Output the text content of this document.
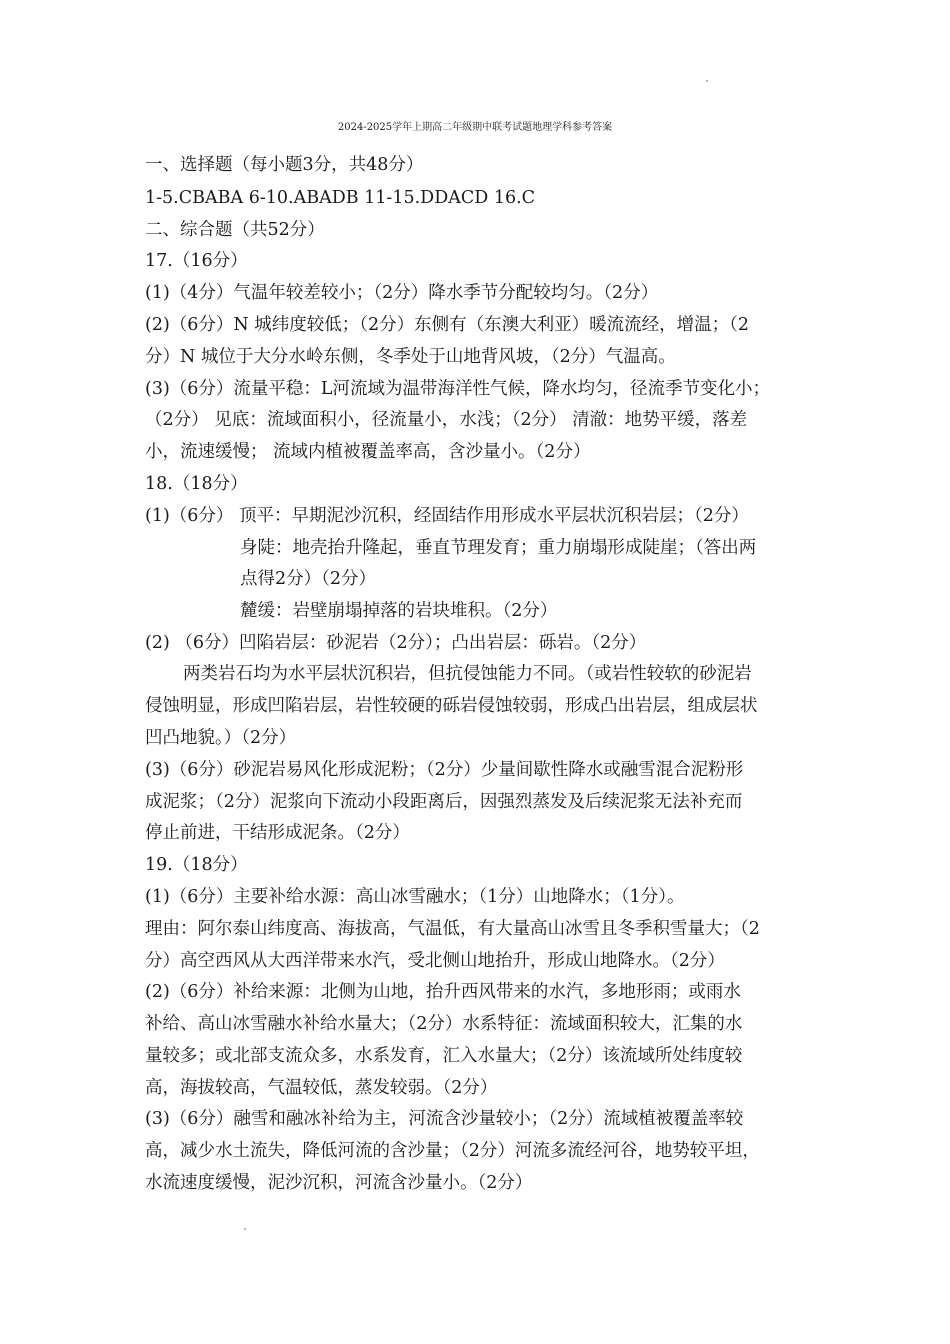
2024-2025学年上期高二年级期中联考试题地理学科参考答案
一、选择题（每小题3分，共48分）
1-5.CBABA 6-10.ABADB 11-15.DDACD 16.C
二、综合题（共52分）
17.（16分）
(1)（4分）气温年较差较小；（2分）降水季节分配较均匀。（2分）
(2)（6分）N 城纬度较低；（2分）东侧有（东澳大利亚）暖流流经，增温；（2
分）N 城位于大分水岭东侧，冬季处于山地背风坡，（2分）气温高。
(3)（6分）流量平稳：L河流域为温带海洋性气候，降水均匀，径流季节变化小；
（2分） 见底：流域面积小，径流量小，水浅；（2分） 清澈：地势平缓，落差
小，流速缓慢； 流域内植被覆盖率高，含沙量小。（2分）
18.（18分）
(1)（6分） 顶平：早期泥沙沉积，经固结作用形成水平层状沉积岩层；（2分）
身陡：地壳抬升隆起，垂直节理发育；重力崩塌形成陡崖；（答出两
点得2分）（2分）
麓缓：岩壁崩塌掉落的岩块堆积。（2分）
(2) （6分）凹陷岩层：砂泥岩（2分）；凸出岩层：砾岩。（2分）
两类岩石均为水平层状沉积岩，但抗侵蚀能力不同。（或岩性较软的砂泥岩
侵蚀明显，形成凹陷岩层，岩性较硬的砾岩侵蚀较弱，形成凸出岩层，组成层状
凹凸地貌。）（2分）
(3)（6分）砂泥岩易风化形成泥粉；（2分）少量间歇性降水或融雪混合泥粉形
成泥浆；（2分）泥浆向下流动小段距离后，因强烈蒸发及后续泥浆无法补充而
停止前进，干结形成泥条。（2分）
19.（18分）
(1)（6分）主要补给水源：高山冰雪融水；（1分）山地降水；（1分）。
理由：阿尔泰山纬度高、海拔高，气温低，有大量高山冰雪且冬季积雪量大；（2
分）高空西风从大西洋带来水汽，受北侧山地抬升，形成山地降水。（2分）
(2)（6分）补给来源：北侧为山地，抬升西风带来的水汽，多地形雨；或雨水
补给、高山冰雪融水补给水量大；（2分）水系特征：流域面积较大，汇集的水
量较多；或北部支流众多，水系发育，汇入水量大；（2分）该流域所处纬度较
高，海拔较高，气温较低，蒸发较弱。（2分）
(3)（6分）融雪和融冰补给为主，河流含沙量较小；（2分）流域植被覆盖率较
高，减少水土流失，降低河流的含沙量；（2分）河流多流经河谷，地势较平坦，
水流速度缓慢，泥沙沉积，河流含沙量小。（2分）
